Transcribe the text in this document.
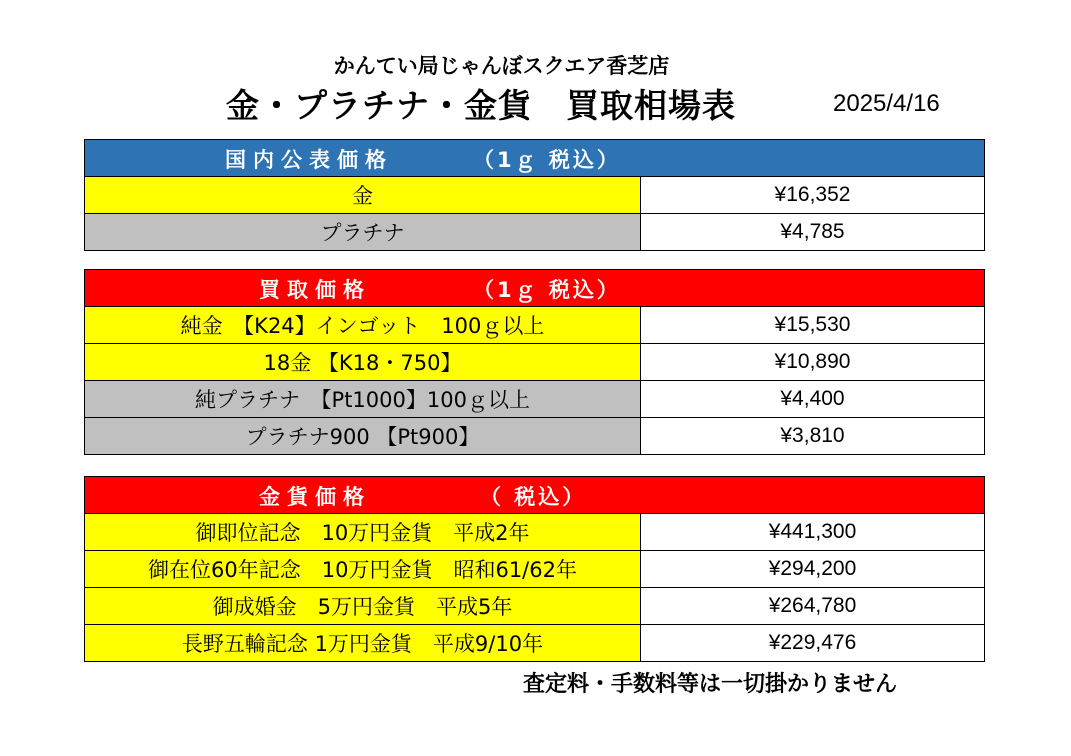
かんてい局じゃんぼスクエア香芝店
金・プラチナ・金貨　買取相場表	2025/4/16
国内公表価格 （1ｇ 税込）	

金	¥16,352
プラチナ	¥4,785
買取価格 （1ｇ 税込）	

純金　【K24】インゴット　100ｇ以上	¥15,530
18金 【K18・750】	¥10,890
純プラチナ　【Pt1000】100ｇ以上	¥4,400
プラチナ900 【Pt900】	¥3,810
金貨価格 （ 税込）	

御即位記念　10万円金貨　平成2年	¥441,300
御在位60年記念　10万円金貨　昭和61/62年	¥294,200
御成婚金　5万円金貨　平成5年	¥264,780
長野五輪記念 1万円金貨　平成9/10年	¥229,476
査定料・手数料等は一切掛かりません
